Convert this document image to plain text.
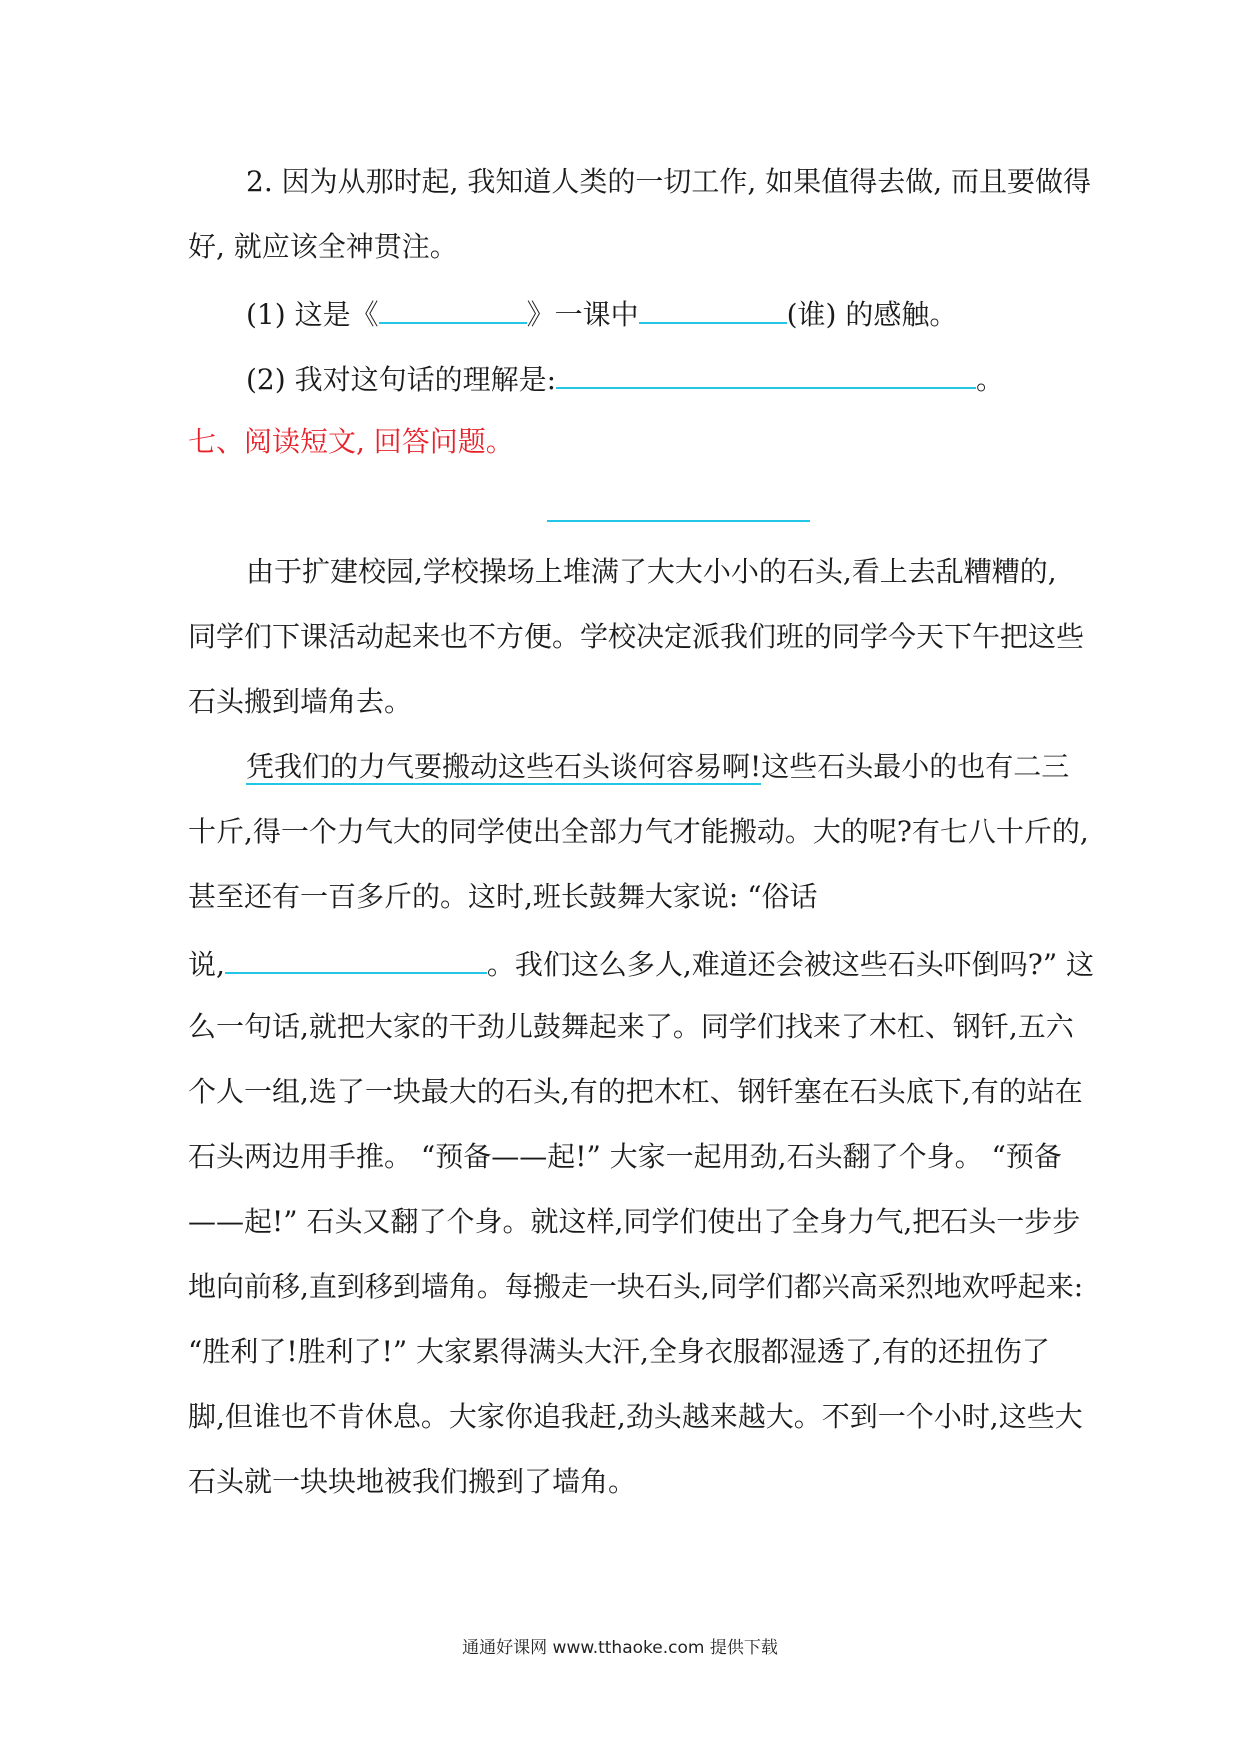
2. 因为从那时起, 我知道人类的一切工作, 如果值得去做, 而且要做得
好, 就应该全神贯注。
(1) 这是《	》一课中	(谁) 的感触。
(2) 我对这句话的理解是:	。
七、阅读短文, 回答问题。
由于扩建校园,学校操场上堆满了大大小小的石头,看上去乱糟糟的,
同学们下课活动起来也不方便。学校决定派我们班的同学今天下午把这些
石头搬到墙角去。
凭我们的力气要搬动这些石头谈何容易啊!这些石头最小的也有二三
十斤,得一个力气大的同学使出全部力气才能搬动。大的呢?有七八十斤的,
甚至还有一百多斤的。这时,班长鼓舞大家说: “俗话
说,	。我们这么多人,难道还会被这些石头吓倒吗?” 这
么一句话,就把大家的干劲儿鼓舞起来了。同学们找来了木杠、钢钎,五六
个人一组,选了一块最大的石头,有的把木杠、钢钎塞在石头底下,有的站在
石头两边用手推。 “预备——起!” 大家一起用劲,石头翻了个身。 “预备
——起!” 石头又翻了个身。就这样,同学们使出了全身力气,把石头一步步
地向前移,直到移到墙角。每搬走一块石头,同学们都兴高采烈地欢呼起来:
“胜利了!胜利了!” 大家累得满头大汗,全身衣服都湿透了,有的还扭伤了
脚,但谁也不肯休息。大家你追我赶,劲头越来越大。不到一个小时,这些大
石头就一块块地被我们搬到了墙角。
通通好课网 www.tthaoke.com 提供下载
